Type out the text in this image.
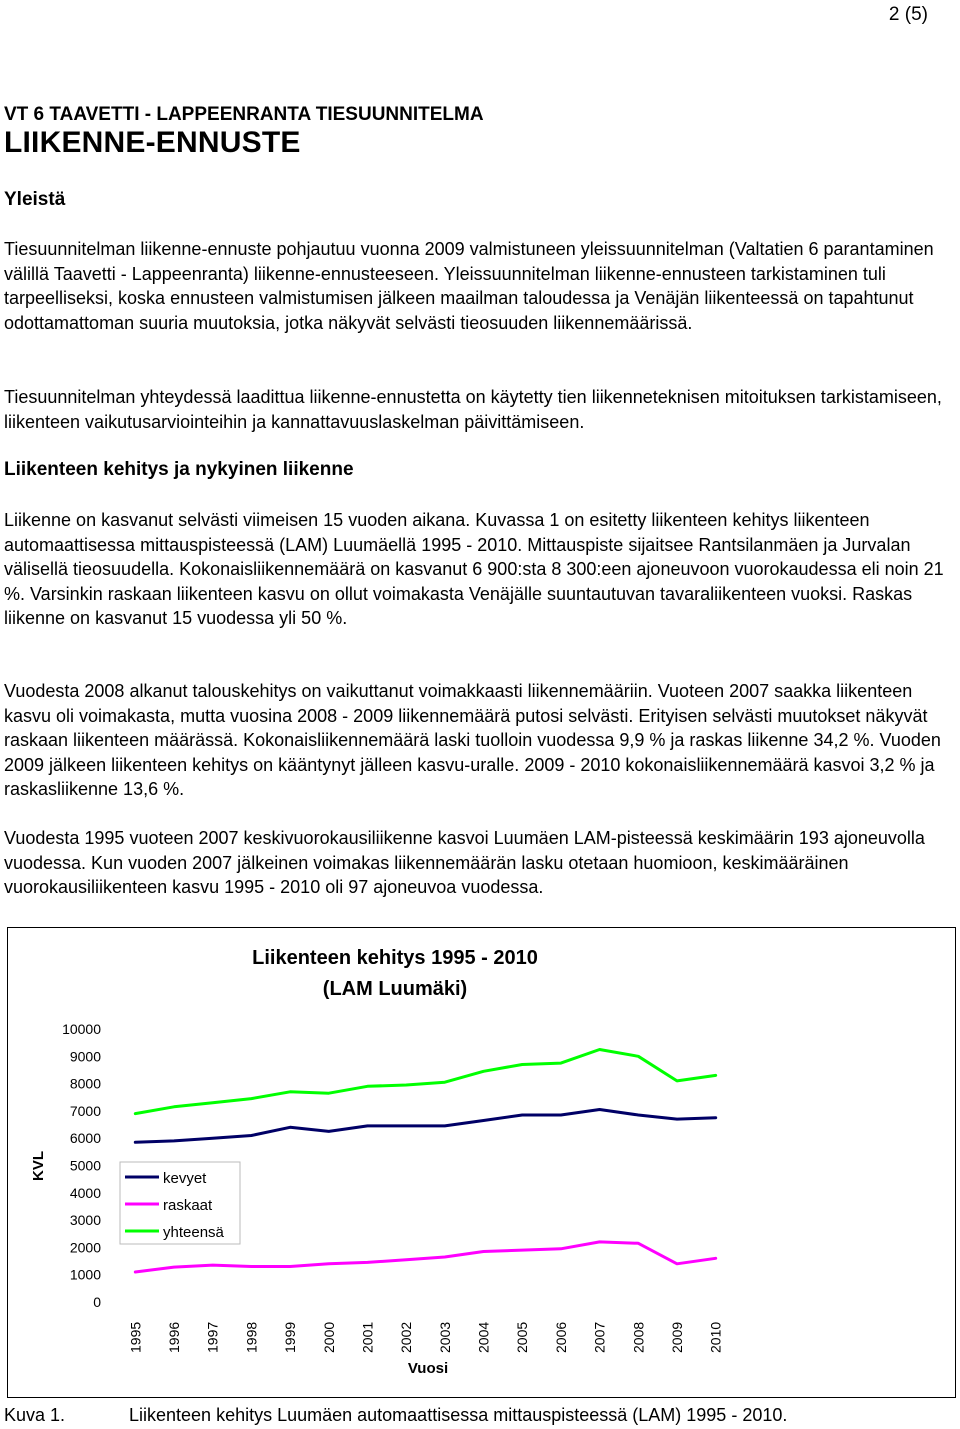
2 (5)
VT 6 TAAVETTI - LAPPEENRANTA TIESUUNNITELMA
LIIKENNE-ENNUSTE
Yleistä

Tiesuunnitelman liikenne-ennuste pohjautuu vuonna 2009 valmistuneen yleissuunnitelman (Valtatien 6 parantaminen välillä Taavetti - Lappeenranta) liikenne-ennusteeseen. Yleissuunnitelman liikenne-ennusteen tarkistaminen tuli tarpeelliseksi, koska ennusteen valmistumisen jälkeen maailman taloudessa ja Venäjän liikenteessä on tapahtunut odottamattoman suuria muutoksia, jotka näkyvät selvästi tieosuuden liikennemäärissä.

Tiesuunnitelman yhteydessä laadittua liikenne-ennustetta on käytetty tien liikenneteknisen mitoituksen tarkistamiseen, liikenteen vaikutusarviointeihin ja kannattavuuslaskelman päivittämiseen.

Liikenteen kehitys ja nykyinen liikenne

Liikenne on kasvanut selvästi viimeisen 15 vuoden aikana. Kuvassa 1 on esitetty liikenteen kehitys liikenteen automaattisessa mittauspisteessä (LAM) Luumäellä 1995 - 2010. Mittauspiste sijaitsee Rantsilanmäen ja Jurvalan välisellä tieosuudella. Kokonaisliikennemäärä on kasvanut 6 900:sta 8 300:een ajoneuvoon vuorokaudessa eli noin 21 %. Varsinkin raskaan liikenteen kasvu on ollut voimakasta Venäjälle suuntautuvan tavaraliikenteen vuoksi. Raskas liikenne on kasvanut 15 vuodessa yli 50 %.

Vuodesta 2008 alkanut talouskehitys on vaikuttanut voimakkaasti liikennemääriin. Vuoteen 2007 saakka liikenteen kasvu oli voimakasta, mutta vuosina 2008 - 2009 liikennemäärä putosi selvästi. Erityisen selvästi muutokset näkyvät raskaan liikenteen määrässä. Kokonaisliikennemäärä laski tuolloin vuodessa 9,9 % ja raskas liikenne 34,2 %. Vuoden 2009 jälkeen liikenteen kehitys on kääntynyt jälleen kasvu-uralle. 2009 - 2010 kokonaisliikennemäärä kasvoi 3,2 % ja raskasliikenne 13,6 %.

Vuodesta 1995 vuoteen 2007 keskivuorokausiliikenne kasvoi Luumäen LAM-pisteessä keskimäärin 193 ajoneuvolla vuodessa. Kun vuoden 2007 jälkeinen voimakas liikennemäärän lasku otetaan huomioon, keskimääräinen vuorokausiliikenteen kasvu 1995 - 2010 oli 97 ajoneuvoa vuodessa.

Liikenteen kehitys 1995 - 2010
(LAM Luumäki)
KVL
Vuosi
0
1000
2000
3000
4000
5000
6000
7000
8000
9000
10000
1995 1996 1997 1998 1999 2000 2001 2002 2003 2004 2005 2006 2007 2008 2009 2010
kevyet
raskaat
yhteensä
Kuva 1.	Liikenteen kehitys Luumäen automaattisessa mittauspisteessä (LAM) 1995 - 2010.
